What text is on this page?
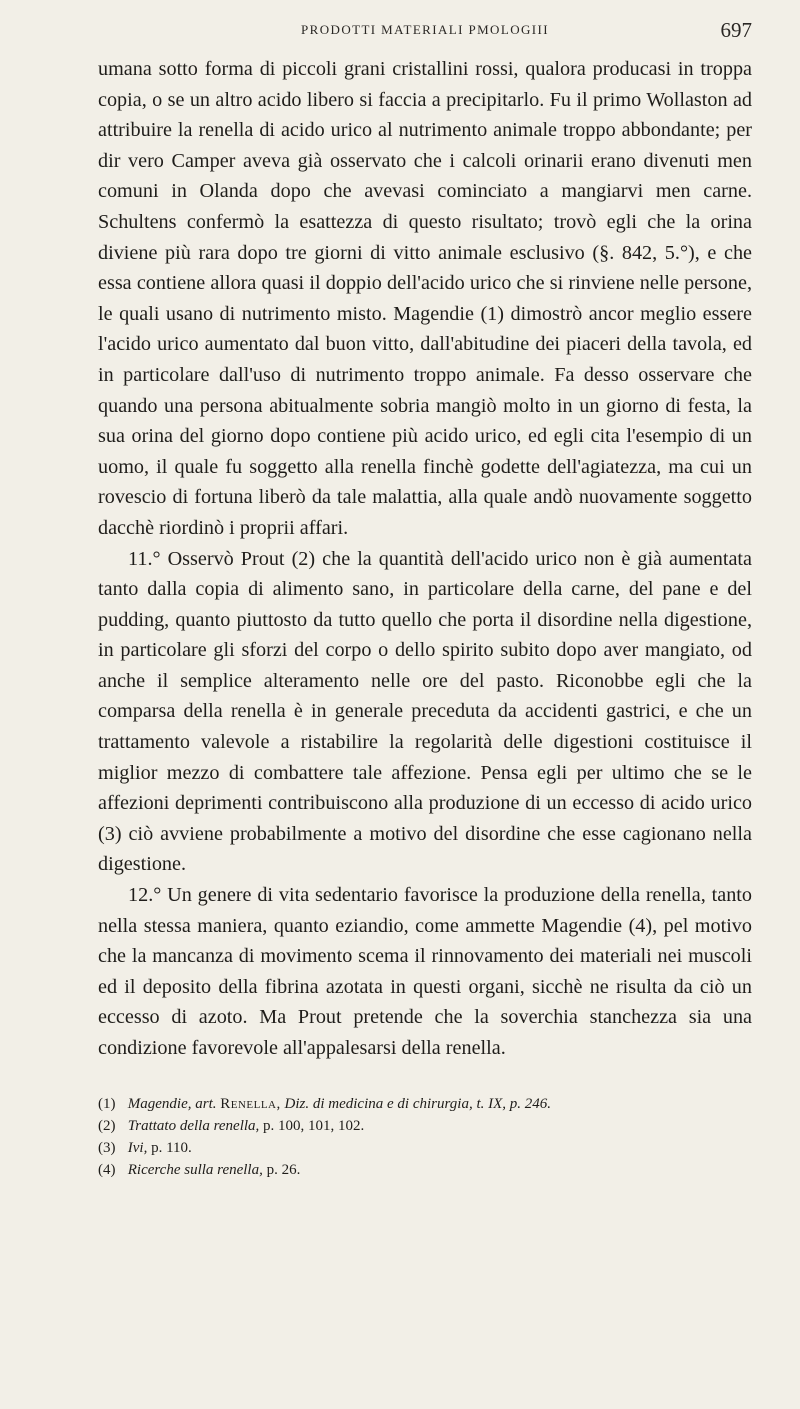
PRODOTTI MATERIALI PMOLOGIII	697

umana sotto forma di piccoli grani cristallini rossi, qualora producasi in troppa copia, o se un altro acido libero si faccia a precipitarlo. Fu il primo Wollaston ad attribuire la renella di acido urico al nutrimento animale troppo abbondante; per dir vero Camper aveva già osservato che i calcoli orinarii erano divenuti men comuni in Olanda dopo che avevasi cominciato a mangiarvi men carne. Schultens confermò la esattezza di questo risultato; trovò egli che la orina diviene più rara dopo tre giorni di vitto animale esclusivo (§. 842, 5.°), e che essa contiene allora quasi il doppio dell'acido urico che si rinviene nelle persone, le quali usano di nutrimento misto. Magendie (1) dimostrò ancor meglio essere l'acido urico aumentato dal buon vitto, dall'abitudine dei piaceri della tavola, ed in particolare dall'uso di nutrimento troppo animale. Fa desso osservare che quando una persona abitualmente sobria mangiò molto in un giorno di festa, la sua orina del giorno dopo contiene più acido urico, ed egli cita l'esempio di un uomo, il quale fu soggetto alla renella finchè godette dell'agiatezza, ma cui un rovescio di fortuna liberò da tale malattia, alla quale andò nuovamente soggetto dacchè riordinò i proprii affari.

11.° Osservò Prout (2) che la quantità dell'acido urico non è già aumentata tanto dalla copia di alimento sano, in particolare della carne, del pane e del pudding, quanto piuttosto da tutto quello che porta il disordine nella digestione, in particolare gli sforzi del corpo o dello spirito subito dopo aver mangiato, od anche il semplice alteramento nelle ore del pasto. Riconobbe egli che la comparsa della renella è in generale preceduta da accidenti gastrici, e che un trattamento valevole a ristabilire la regolarità delle digestioni costituisce il miglior mezzo di combattere tale affezione. Pensa egli per ultimo che se le affezioni deprimenti contribuiscono alla produzione di un eccesso di acido urico (3) ciò avviene probabilmente a motivo del disordine che esse cagionano nella digestione.

12.° Un genere di vita sedentario favorisce la produzione della renella, tanto nella stessa maniera, quanto eziandio, come ammette Magendie (4), pel motivo che la mancanza di movimento scema il rinnovamento dei materiali nei muscoli ed il deposito della fibrina azotata in questi organi, sicchè ne risulta da ciò un eccesso di azoto. Ma Prout pretende che la soverchia stanchezza sia una condizione favorevole all'appalesarsi della renella.

(1) Magendie, art. Renella, Diz. di medicina e di chirurgia, t. IX, p. 246.

(2) Trattato della renella, p. 100, 101, 102.

(3) Ivi, p. 110.

(4) Ricerche sulla renella, p. 26.
